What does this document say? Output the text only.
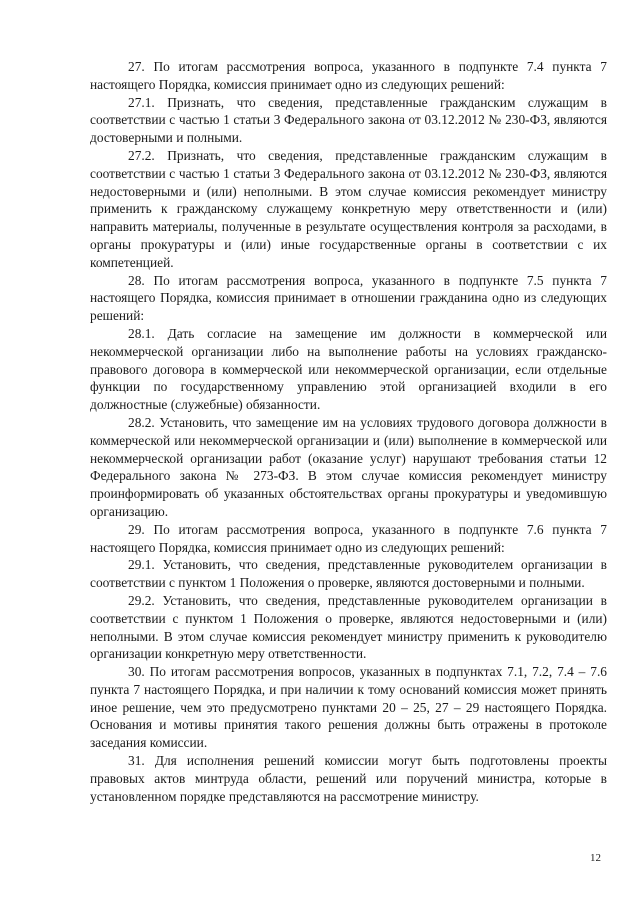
27. По итогам рассмотрения вопроса, указанного в подпункте 7.4 пункта 7 настоящего Порядка, комиссия принимает одно из следующих решений:

27.1. Признать, что сведения, представленные гражданским служащим в соответствии с частью 1 статьи 3 Федерального закона от 03.12.2012 № 230-ФЗ, являются достоверными и полными.

27.2. Признать, что сведения, представленные гражданским служащим в соответствии с частью 1 статьи 3 Федерального закона от 03.12.2012 № 230-ФЗ, являются недостоверными и (или) неполными. В этом случае комиссия рекомендует министру применить к гражданскому служащему конкретную меру ответственности и (или) направить материалы, полученные в результате осуществления контроля за расходами, в органы прокуратуры и (или) иные государственные органы в соответствии с их компетенцией.

28. По итогам рассмотрения вопроса, указанного в подпункте 7.5 пункта 7 настоящего Порядка, комиссия принимает в отношении гражданина одно из следующих решений:

28.1. Дать согласие на замещение им должности в коммерческой или некоммерческой организации либо на выполнение работы на условиях гражданско-правового договора в коммерческой или некоммерческой организации, если отдельные функции по государственному управлению этой организацией входили в его должностные (служебные) обязанности.

28.2. Установить, что замещение им на условиях трудового договора должности в коммерческой или некоммерческой организации и (или) выполнение в коммерческой или некоммерческой организации работ (оказание услуг) нарушают требования статьи 12 Федерального закона № 273-ФЗ. В этом случае комиссия рекомендует министру проинформировать об указанных обстоятельствах органы прокуратуры и уведомившую организацию.

29. По итогам рассмотрения вопроса, указанного в подпункте 7.6 пункта 7 настоящего Порядка, комиссия принимает одно из следующих решений:

29.1. Установить, что сведения, представленные руководителем организации в соответствии с пунктом 1 Положения о проверке, являются достоверными и полными.

29.2. Установить, что сведения, представленные руководителем организации в соответствии с пунктом 1 Положения о проверке, являются недостоверными и (или) неполными. В этом случае комиссия рекомендует министру применить к руководителю организации конкретную меру ответственности.

30. По итогам рассмотрения вопросов, указанных в подпунктах 7.1, 7.2, 7.4 – 7.6 пункта 7 настоящего Порядка, и при наличии к тому оснований комиссия может принять иное решение, чем это предусмотрено пунктами 20 – 25, 27 – 29 настоящего Порядка. Основания и мотивы принятия такого решения должны быть отражены в протоколе заседания комиссии.

31. Для исполнения решений комиссии могут быть подготовлены проекты правовых актов минтруда области, решений или поручений министра, которые в установленном порядке представляются на рассмотрение министру.

12
